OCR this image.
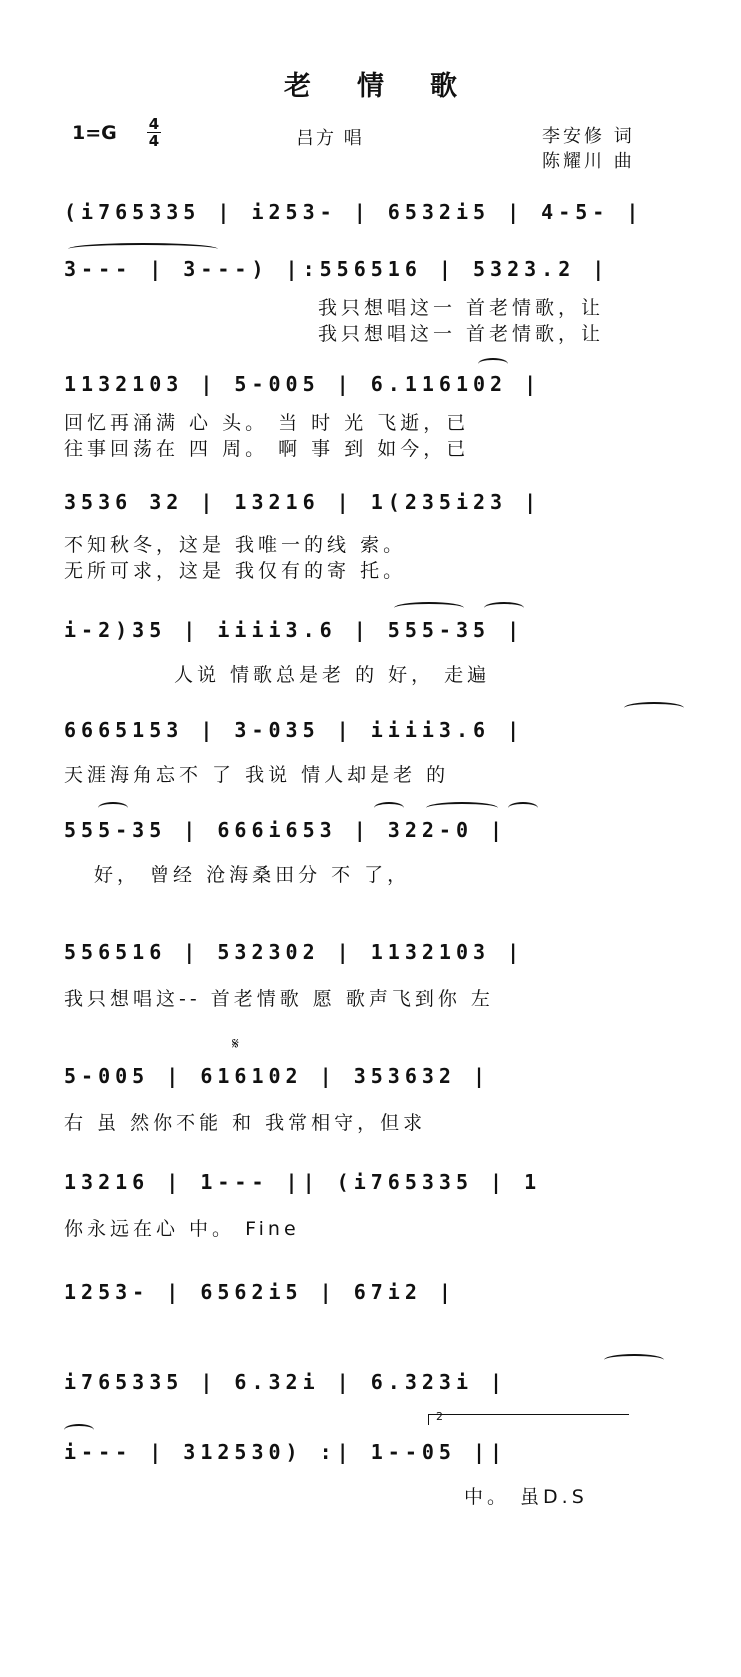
老情歌
1=G 4
4	吕方 唱	李安修 词
陈耀川 曲
(i765335 | i253- | 6532i5 | 4-5- |
3--- | 3---) |:556516 | 5323.2 |
我只想唱这一 首老情歌，让
我只想唱这一 首老情歌，让
1132103 | 5-005 | 6.116102 |
回忆再涌满 心 头。 当 时 光 飞逝，已
往事回荡在 四 周。 啊 事 到 如今，已
3536 32 | 13216 | 1(235i23 |
不知秋冬，这是 我唯一的线 索。
无所可求，这是 我仅有的寄 托。
i-2)35 | iiii3.6 | 555-35 |
人说 情歌总是老 的 好， 走遍
6665153 | 3-035 | iiii3.6 |
天涯海角忘不 了 我说 情人却是老 的
555-35 | 666i653 | 322-0 |
好， 曾经 沧海桑田分 不 了，
556516 | 532302 | 1132103 |
我只想唱这-- 首老情歌 愿 歌声飞到你 左
𝄋
5-005 | 616102 | 353632 |
右 虽 然你不能 和 我常相守，但求
13216 | 1--- || (i765335 | 1
你永远在心 中。 Fine
1253- | 6562i5 | 67i2 |
i765335 | 6.32i | 6.323i |
2
i--- | 312530) :| 1--05 ||
中。 虽D.S
